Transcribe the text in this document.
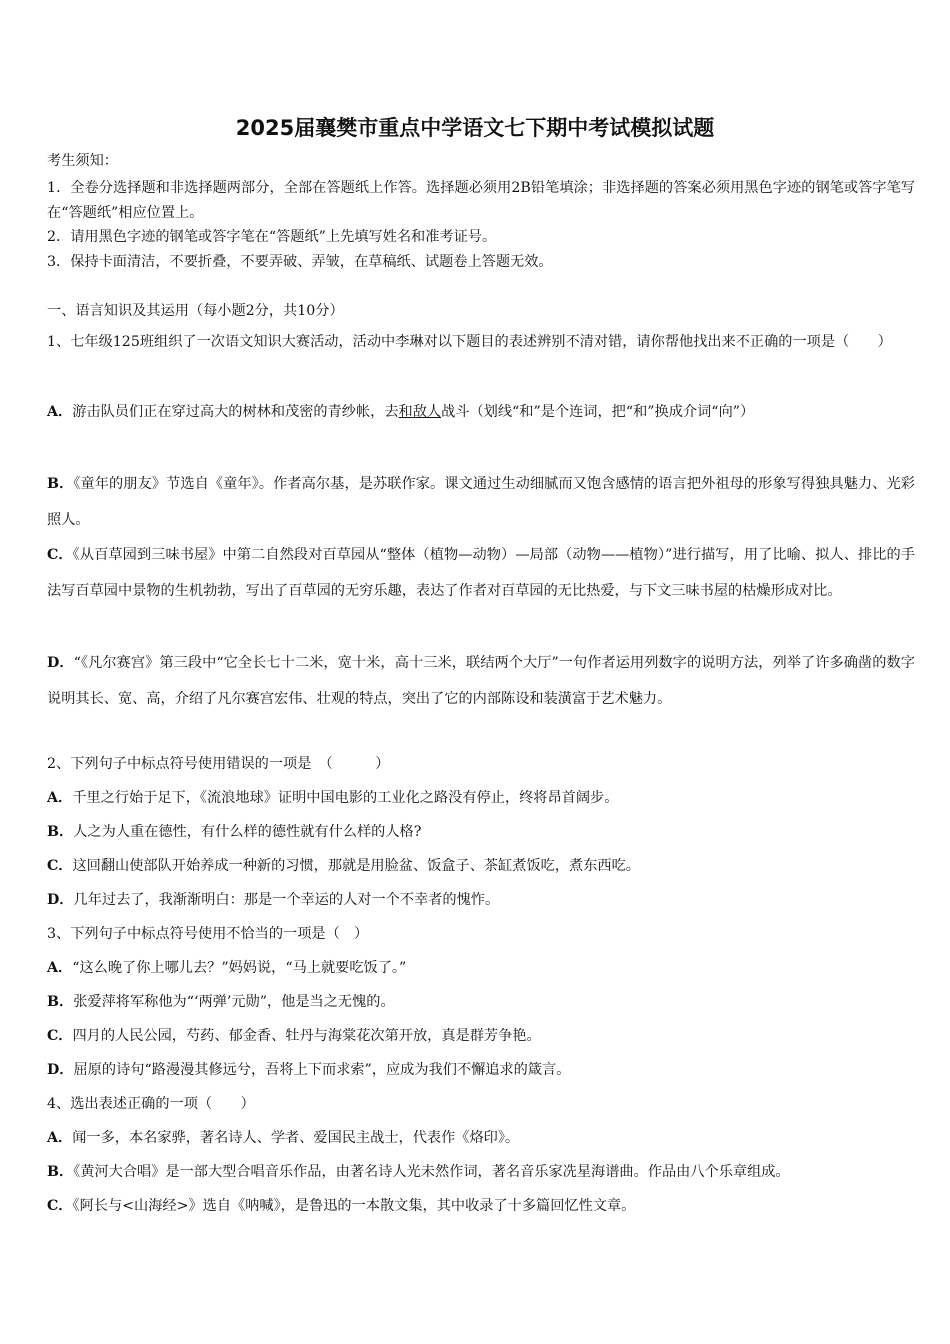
2025届襄樊市重点中学语文七下期中考试模拟试题
考生须知：
1．全卷分选择题和非选择题两部分，全部在答题纸上作答。选择题必须用2B铅笔填涂；非选择题的答案必须用黑色字迹的钢笔或答字笔写在“答题纸”相应位置上。
2．请用黑色字迹的钢笔或答字笔在“答题纸”上先填写姓名和准考证号。
3．保持卡面清洁，不要折叠，不要弄破、弄皱，在草稿纸、试题卷上答题无效。
一、语言知识及其运用（每小题2分，共10分）
1、七年级125班组织了一次语文知识大赛活动，活动中李琳对以下题目的表述辨别不清对错，请你帮他找出来不正确的一项是（　　）
A．游击队员们正在穿过高大的树林和茂密的青纱帐，去和敌人战斗（划线“和”是个连词，把“和”换成介词“向”）
B．《童年的朋友》节选自《童年》。作者高尔基，是苏联作家。课文通过生动细腻而又饱含感情的语言把外祖母的形象写得独具魅力、光彩照人。
C．《从百草园到三味书屋》中第二自然段对百草园从“整体（植物—动物）—局部（动物——植物）”进行描写，用了比喻、拟人、排比的手法写百草园中景物的生机勃勃，写出了百草园的无穷乐趣，表达了作者对百草园的无比热爱，与下文三味书屋的枯燥形成对比。
D．“《凡尔赛宫》第三段中“它全长七十二米，宽十米，高十三米，联结两个大厅”一句作者运用列数字的说明方法，列举了许多确凿的数字说明其长、宽、高，介绍了凡尔赛宫宏伟、壮观的特点，突出了它的内部陈设和装潢富于艺术魅力。
2、下列句子中标点符号使用错误的一项是　（　　　）
A．千里之行始于足下，《流浪地球》证明中国电影的工业化之路没有停止，终将昂首阔步。
B．人之为人重在德性，有什么样的德性就有什么样的人格?
C．这回翻山使部队开始养成一种新的习惯，那就是用脸盆、饭盒子、茶缸煮饭吃，煮东西吃。
D．几年过去了，我渐渐明白：那是一个幸运的人对一个不幸者的愧怍。
3、下列句子中标点符号使用不恰当的一项是（　）
A．“这么晚了你上哪儿去？”妈妈说，“马上就要吃饭了。”
B．张爱萍将军称他为“‘两弹’元勋”，他是当之无愧的。
C．四月的人民公园，芍药、郁金香、牡丹与海棠花次第开放，真是群芳争艳。
D．屈原的诗句“路漫漫其修远兮，吾将上下而求索”，应成为我们不懈追求的箴言。
4、选出表述正确的一项（　　）
A．闻一多，本名家骅，著名诗人、学者、爱国民主战士，代表作《烙印》。
B．《黄河大合唱》是一部大型合唱音乐作品，由著名诗人光未然作词，著名音乐家冼星海谱曲。作品由八个乐章组成。
C．《阿长与<山海经>》选自《呐喊》，是鲁迅的一本散文集，其中收录了十多篇回忆性文章。
